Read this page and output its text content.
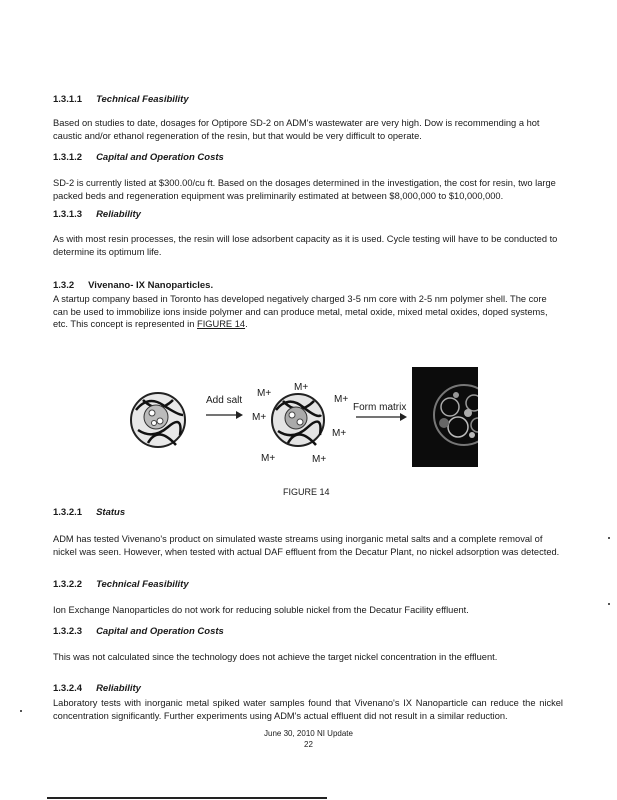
1.3.1.1 Technical Feasibility
Based on studies to date, dosages for Optipore SD-2 on ADM's wastewater are very high. Dow is recommending a hot caustic and/or ethanol regeneration of the resin, but that would be very difficult to operate.
1.3.1.2 Capital and Operation Costs
SD-2 is currently listed at $300.00/cu ft. Based on the dosages determined in the investigation, the cost for resin, two large packed beds and regeneration equipment was preliminarily estimated at between $8,000,000 to $10,000,000.
1.3.1.3 Reliability
As with most resin processes, the resin will lose adsorbent capacity as it is used. Cycle testing will have to be conducted to determine its optimum life.
1.3.2 Vivenano- IX Nanoparticles.
A startup company based in Toronto has developed negatively charged 3-5 nm core with 2-5 nm polymer shell. The core can be used to immobilize ions inside polymer and can produce metal, metal oxide, mixed metal oxides, doped systems, etc. This concept is represented in FIGURE 14.
Add salt
Form matrix
M+
M+
M+
M+
M+
M+	M+
FIGURE 14
1.3.2.1 Status
ADM has tested Vivenano's product on simulated waste streams using inorganic metal salts and a complete removal of nickel was seen. However, when tested with actual DAF effluent from the Decatur Plant, no nickel adsorption was detected.
1.3.2.2 Technical Feasibility
Ion Exchange Nanoparticles do not work for reducing soluble nickel from the Decatur Facility effluent.
1.3.2.3 Capital and Operation Costs
This was not calculated since the technology does not achieve the target nickel concentration in the effluent.
1.3.2.4 Reliability
Laboratory tests with inorganic metal spiked water samples found that Vivenano's IX Nanoparticle can reduce the nickel concentration significantly. Further experiments using ADM's actual effluent did not result in a similar reduction.
June 30, 2010 NI Update
22
